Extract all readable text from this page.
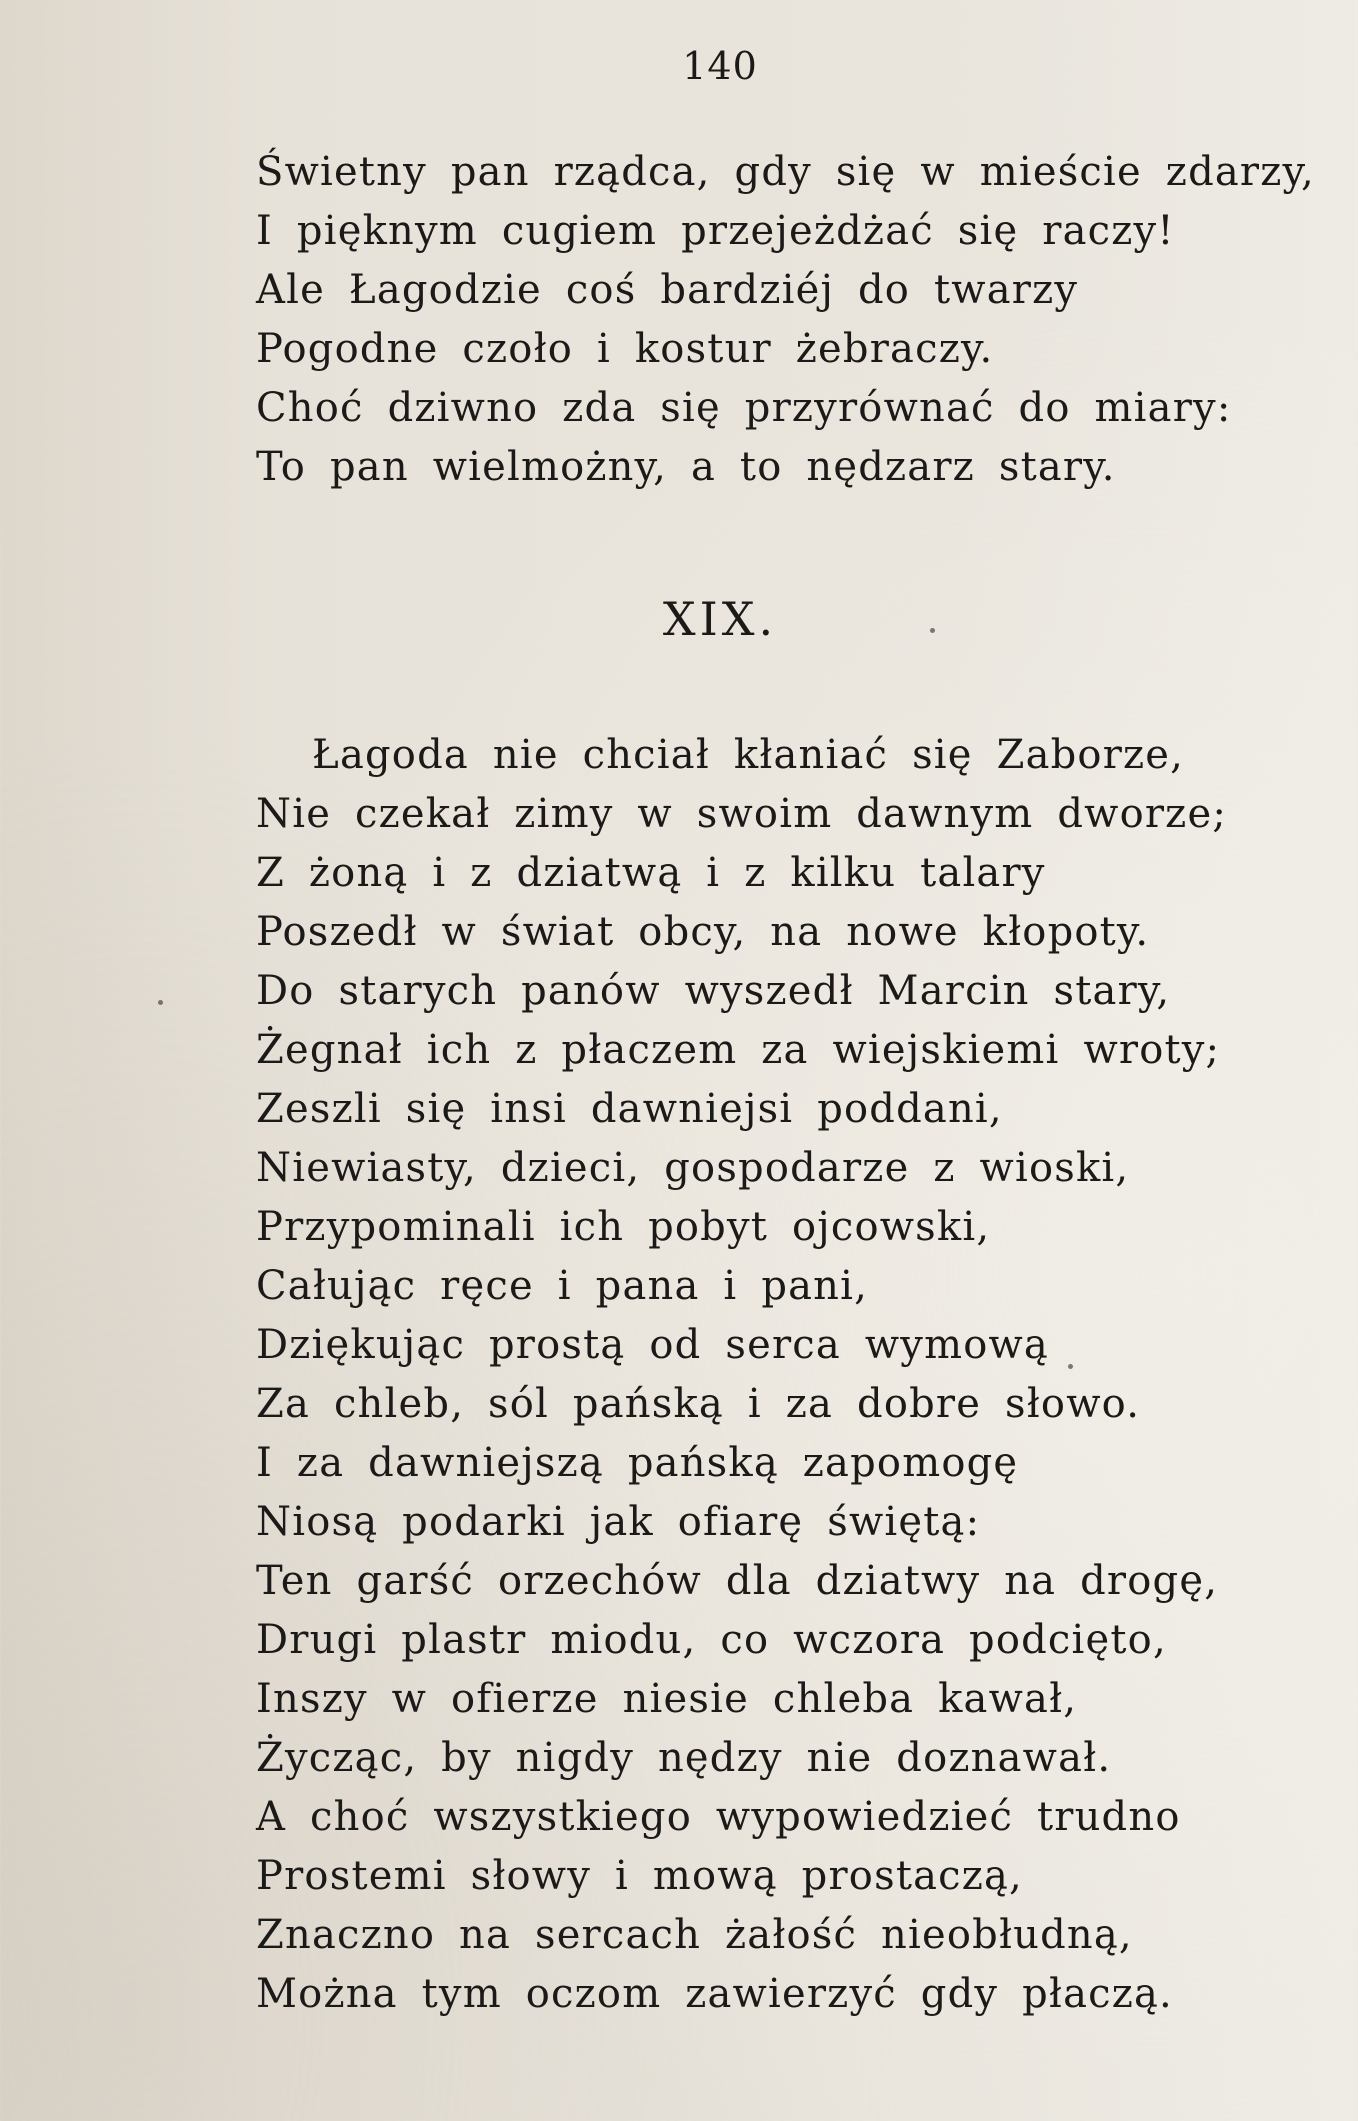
140
Świetny pan rządca, gdy się w mieście zdarzy,
I pięknym cugiem przejeżdżać się raczy!
Ale Łagodzie coś bardziéj do twarzy
Pogodne czoło i kostur żebraczy.
Choć dziwno zda się przyrównać do miary:
To pan wielmożny, a to nędzarz stary.
XIX.
Łagoda nie chciał kłaniać się Zaborze,
Nie czekał zimy w swoim dawnym dworze;
Z żoną i z dziatwą i z kilku talary
Poszedł w świat obcy, na nowe kłopoty.
Do starych panów wyszedł Marcin stary,
Żegnał ich z płaczem za wiejskiemi wroty;
Zeszli się insi dawniejsi poddani,
Niewiasty, dzieci, gospodarze z wioski,
Przypominali ich pobyt ojcowski,
Całując ręce i pana i pani,
Dziękując prostą od serca wymową
Za chleb, sól pańską i za dobre słowo.
I za dawniejszą pańską zapomogę
Niosą podarki jak ofiarę świętą:
Ten garść orzechów dla dziatwy na drogę,
Drugi plastr miodu, co wczora podcięto,
Inszy w ofierze niesie chleba kawał,
Życząc, by nigdy nędzy nie doznawał.
A choć wszystkiego wypowiedzieć trudno
Prostemi słowy i mową prostaczą,
Znaczno na sercach żałość nieobłudną,
Można tym oczom zawierzyć gdy płaczą.
